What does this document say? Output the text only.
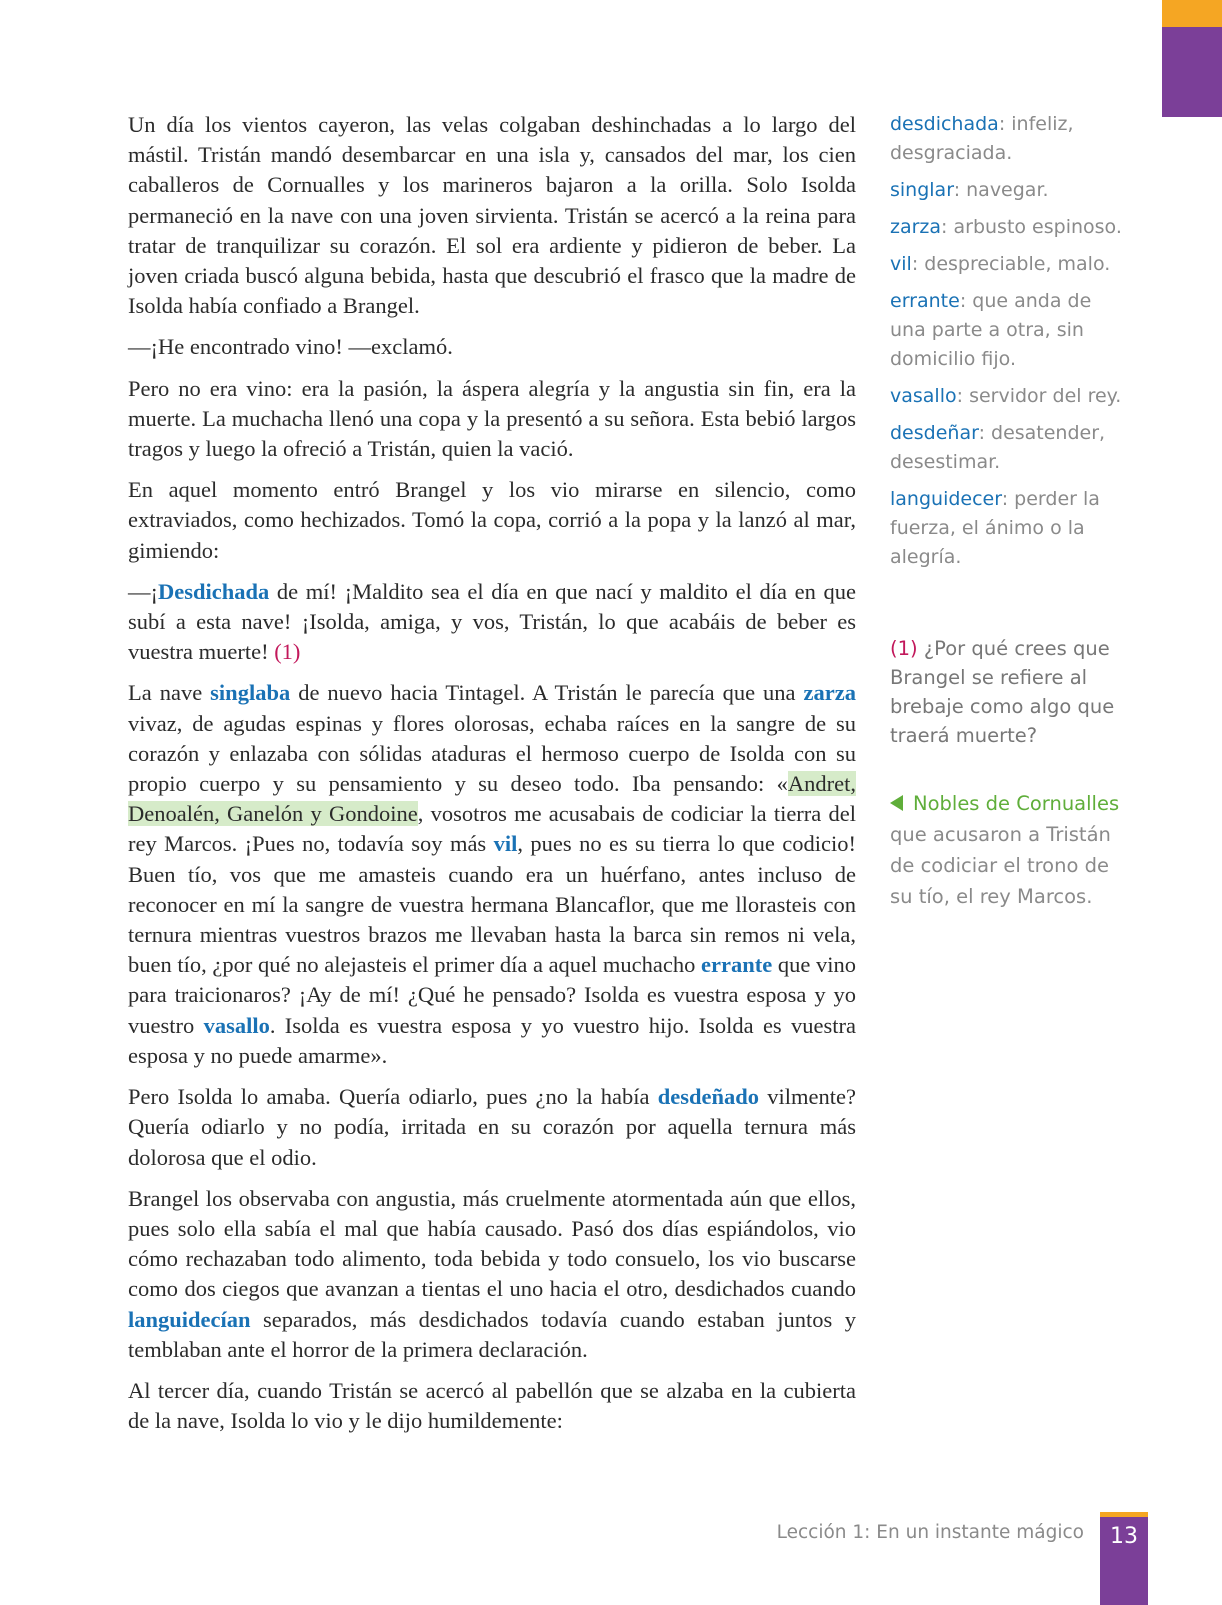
Un día los vientos cayeron, las velas colgaban deshinchadas a lo largo del mástil. Tristán mandó desembarcar en una isla y, cansados del mar, los cien caballeros de Cornualles y los marineros bajaron a la orilla. Solo Isolda permaneció en la nave con una joven sirvienta. Tristán se acercó a la reina para tratar de tranquilizar su corazón. El sol era ardiente y pidieron de beber. La joven criada buscó alguna bebida, hasta que descubrió el frasco que la madre de Isolda había confiado a Brangel.

—¡He encontrado vino! —exclamó.

Pero no era vino: era la pasión, la áspera alegría y la angustia sin fin, era la muerte. La muchacha llenó una copa y la presentó a su señora. Esta bebió largos tragos y luego la ofreció a Tristán, quien la vació.

En aquel momento entró Brangel y los vio mirarse en silencio, como extraviados, como hechizados. Tomó la copa, corrió a la popa y la lanzó al mar, gimiendo:

—¡Desdichada de mí! ¡Maldito sea el día en que nací y maldito el día en que subí a esta nave! ¡Isolda, amiga, y vos, Tristán, lo que acabáis de beber es vuestra muerte! (1)

La nave singlaba de nuevo hacia Tintagel. A Tristán le parecía que una zarza vivaz, de agudas espinas y flores olorosas, echaba raíces en la sangre de su corazón y enlazaba con sólidas ataduras el hermoso cuerpo de Isolda con su propio cuerpo y su pensamiento y su deseo todo. Iba pensando: «Andret, Denoalén, Ganelón y Gondoine, vosotros me acusabais de codiciar la tierra del rey Marcos. ¡Pues no, todavía soy más vil, pues no es su tierra lo que codicio! Buen tío, vos que me amasteis cuando era un huérfano, antes incluso de reconocer en mí la sangre de vuestra hermana Blancaflor, que me llorasteis con ternura mientras vuestros brazos me llevaban hasta la barca sin remos ni vela, buen tío, ¿por qué no alejasteis el primer día a aquel muchacho errante que vino para traicionaros? ¡Ay de mí! ¿Qué he pensado? Isolda es vuestra esposa y yo vuestro vasallo. Isolda es vuestra esposa y yo vuestro hijo. Isolda es vuestra esposa y no puede amarme».

Pero Isolda lo amaba. Quería odiarlo, pues ¿no la había desdeñado vilmente? Quería odiarlo y no podía, irritada en su corazón por aquella ternura más dolorosa que el odio.

Brangel los observaba con angustia, más cruelmente atormentada aún que ellos, pues solo ella sabía el mal que había causado. Pasó dos días espiándolos, vio cómo rechazaban todo alimento, toda bebida y todo consuelo, los vio buscarse como dos ciegos que avanzan a tientas el uno hacia el otro, desdichados cuando languidecían separados, más desdichados todavía cuando estaban juntos y temblaban ante el horror de la primera declaración.

Al tercer día, cuando Tristán se acercó al pabellón que se alzaba en la cubierta de la nave, Isolda lo vio y le dijo humildemente:

desdichada: infeliz, desgraciada.
singlar: navegar.
zarza: arbusto espinoso.
vil: despreciable, malo.
errante: que anda de una parte a otra, sin domicilio fijo.
vasallo: servidor del rey.
desdeñar: desatender, desestimar.
languidecer: perder la fuerza, el ánimo o la alegría.
(1) ¿Por qué crees que Brangel se refiere al brebaje como algo que traerá muerte?
Nobles de Cornualles
que acusaron a Tristán de codiciar el trono de su tío, el rey Marcos.
Lección 1: En un instante mágico	13
